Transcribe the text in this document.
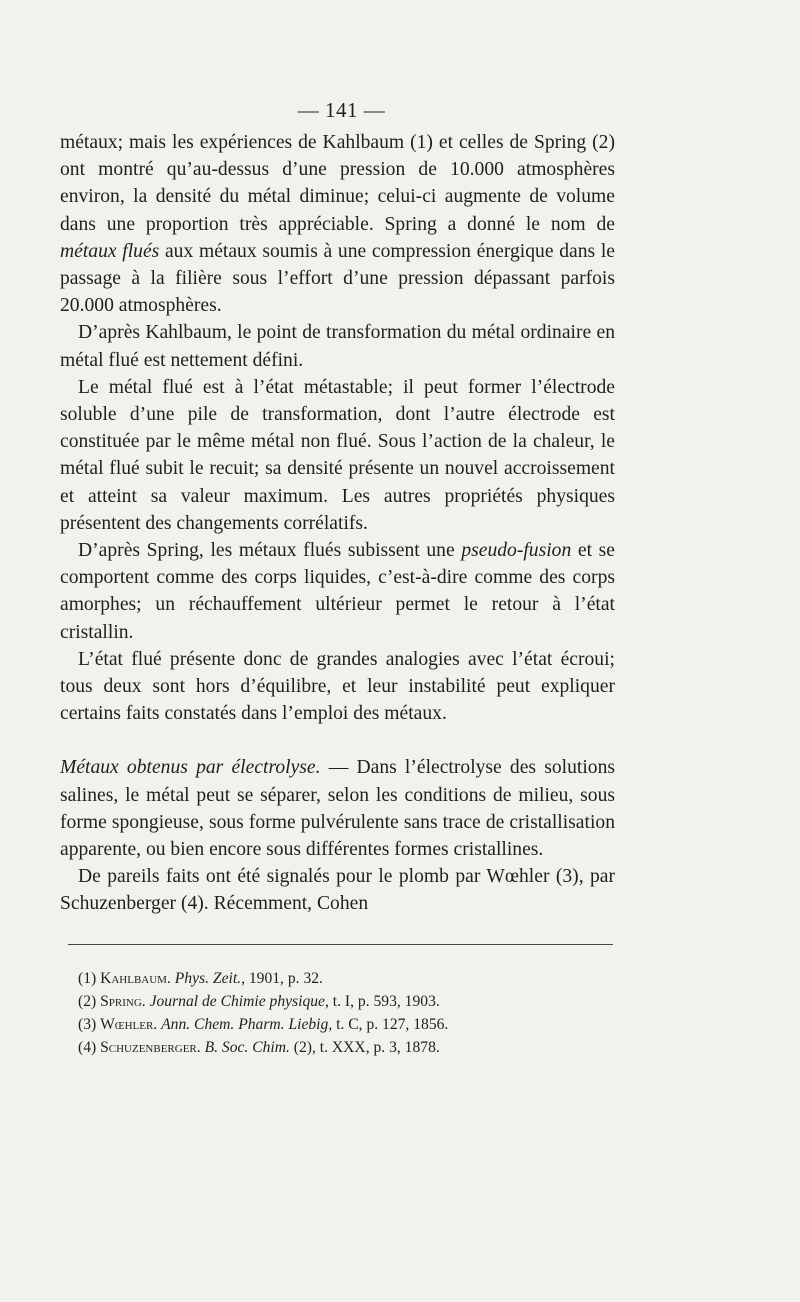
— 141 —

métaux; mais les expériences de Kahlbaum (1) et celles de Spring (2) ont montré qu’au-dessus d’une pression de 10.000 atmosphères environ, la densité du métal diminue; celui-ci augmente de volume dans une proportion très appréciable. Spring a donné le nom de métaux flués aux métaux soumis à une compression énergique dans le passage à la filière sous l’effort d’une pression dépassant parfois 20.000 atmosphères.

D’après Kahlbaum, le point de transformation du métal ordinaire en métal flué est nettement défini.

Le métal flué est à l’état métastable; il peut former l’électrode soluble d’une pile de transformation, dont l’autre électrode est constituée par le même métal non flué. Sous l’action de la chaleur, le métal flué subit le recuit; sa densité présente un nouvel accroissement et atteint sa valeur maximum. Les autres propriétés physiques présentent des changements corrélatifs.

D’après Spring, les métaux flués subissent une pseudo-fusion et se comportent comme des corps liquides, c’est-à-dire comme des corps amorphes; un réchauffement ultérieur permet le retour à l’état cristallin.

L’état flué présente donc de grandes analogies avec l’état écroui; tous deux sont hors d’équilibre, et leur instabilité peut expliquer certains faits constatés dans l’emploi des métaux.

Métaux obtenus par électrolyse. — Dans l’électrolyse des solutions salines, le métal peut se séparer, selon les conditions de milieu, sous forme spongieuse, sous forme pulvérulente sans trace de cristallisation apparente, ou bien encore sous différentes formes cristallines.

De pareils faits ont été signalés pour le plomb par Wœhler (3), par Schuzenberger (4). Récemment, Cohen

(1) Kahlbaum. Phys. Zeit., 1901, p. 32.

(2) Spring. Journal de Chimie physique, t. I, p. 593, 1903.

(3) Wœhler. Ann. Chem. Pharm. Liebig, t. C, p. 127, 1856.

(4) Schuzenberger. B. Soc. Chim. (2), t. XXX, p. 3, 1878.
